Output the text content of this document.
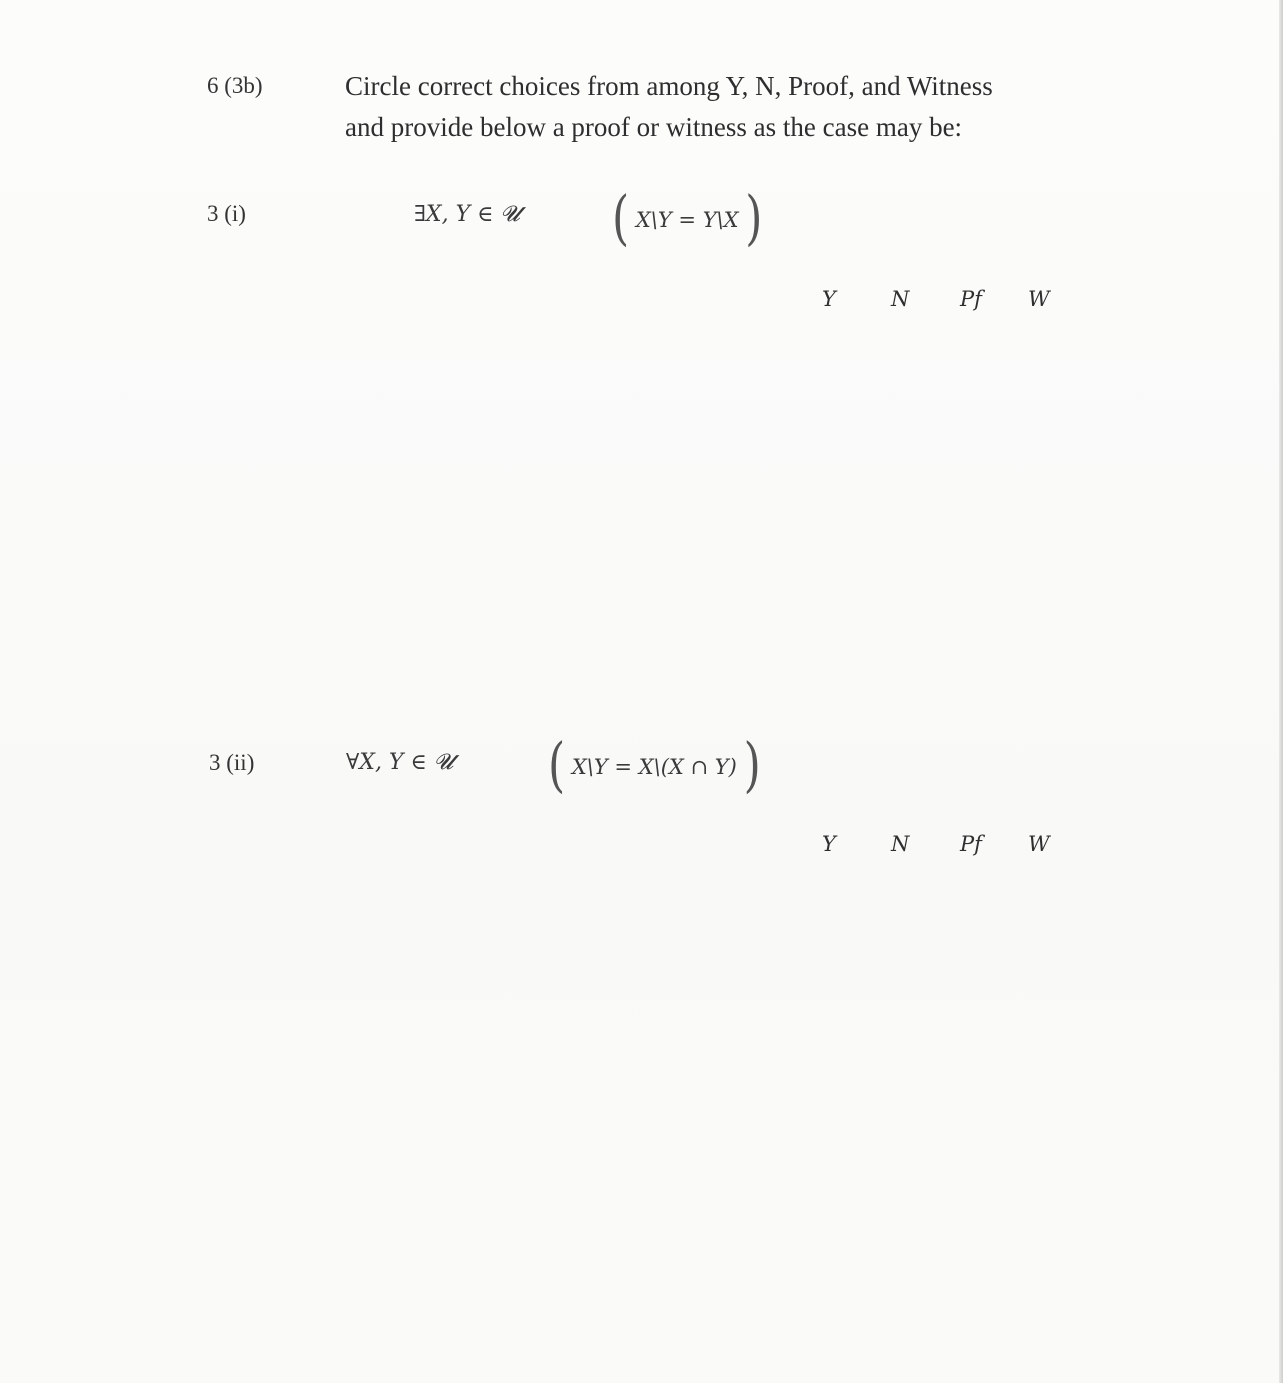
6 (3b)	Circle correct choices from among Y, N, Proof, and Witness
and provide below a proof or witness as the case may be:
3 (i)	∃X, Y ∈ 𝓤 ( X\Y = Y\X )
Y	N Pf W
3 (ii)	∀X, Y ∈ 𝓤 ( X\Y = X\(X ∩ Y) )
Y	N Pf W
